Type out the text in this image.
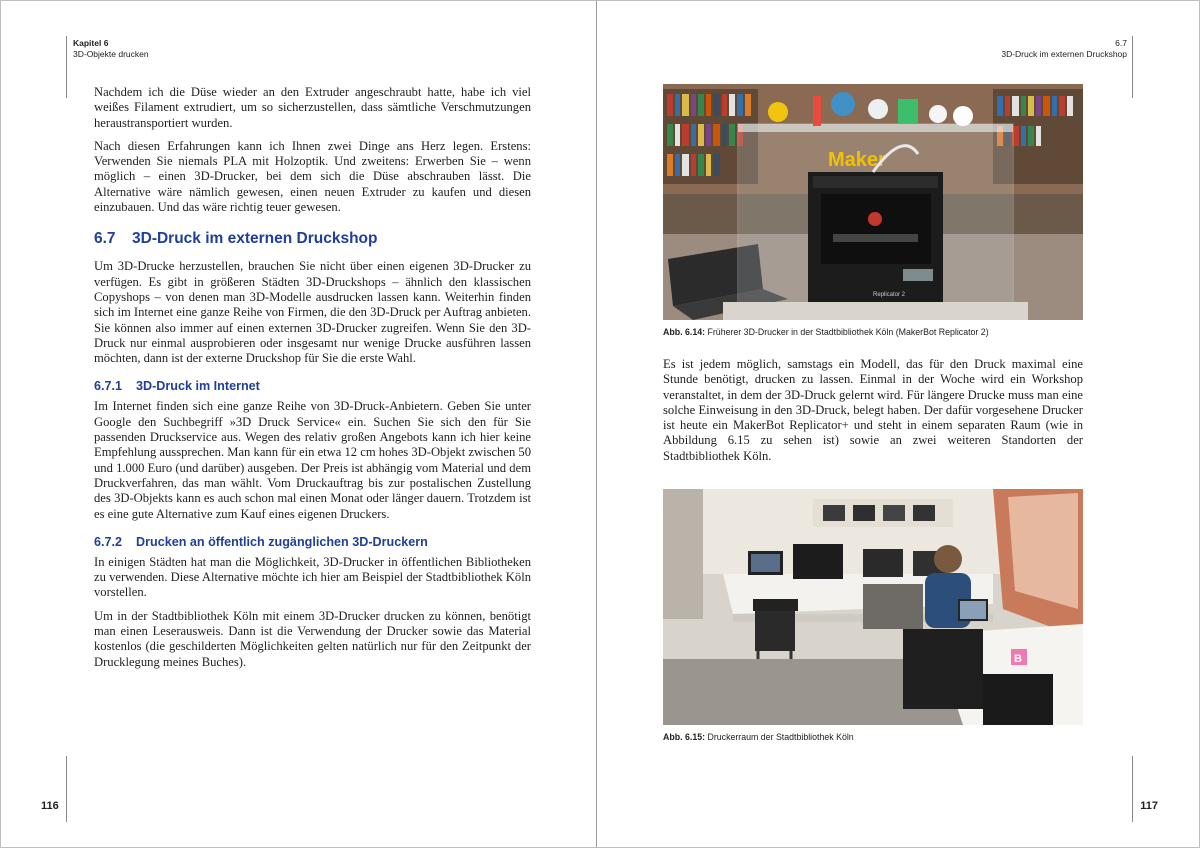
Kapitel 6
3D-Objekte drucken

Nachdem ich die Düse wieder an den Extruder angeschraubt hatte, habe ich viel weißes Filament extrudiert, um so sicherzustellen, dass sämtliche Verschmutzungen heraustransportiert wurden.

Nach diesen Erfahrungen kann ich Ihnen zwei Dinge ans Herz legen. Erstens: Verwenden Sie niemals PLA mit Holzoptik. Und zweitens: Erwerben Sie – wenn möglich – einen 3D-Drucker, bei dem sich die Düse abschrauben lässt. Die Alternative wäre nämlich gewesen, einen neuen Extruder zu kaufen und diesen einzubauen. Und das wäre richtig teuer gewesen.

6.7 3D-Druck im externen Druckshop

Um 3D-Drucke herzustellen, brauchen Sie nicht über einen eigenen 3D-Drucker zu verfügen. Es gibt in größeren Städten 3D-Druckshops – ähnlich den klassischen Copyshops – von denen man 3D-Modelle ausdrucken lassen kann. Weiterhin finden sich im Internet eine ganze Reihe von Firmen, die den 3D-Druck per Auftrag anbieten. Sie können also immer auf einen externen 3D-Drucker zugreifen. Wenn Sie den 3D-Druck nur einmal ausprobieren oder insgesamt nur wenige Drucke ausführen lassen möchten, dann ist der externe Druckshop für Sie die erste Wahl.

6.7.1 3D-Druck im Internet

Im Internet finden sich eine ganze Reihe von 3D-Druck-Anbietern. Geben Sie unter Google den Suchbegriff »3D Druck Service« ein. Suchen Sie sich den für Sie passenden Druckservice aus. Wegen des relativ großen Angebots kann ich hier keine Empfehlung aussprechen. Man kann für ein etwa 12 cm hohes 3D-Objekt zwischen 50 und 1.000 Euro (und darüber) ausgeben. Der Preis ist abhängig vom Material und dem Druckverfahren, das man wählt. Vom Druckauftrag bis zur postalischen Zustellung des 3D-Objekts kann es auch schon mal einen Monat oder länger dauern. Trotzdem ist es eine gute Alternative zum Kauf eines eigenen Druckers.

6.7.2 Drucken an öffentlich zugänglichen 3D-Druckern

In einigen Städten hat man die Möglichkeit, 3D-Drucker in öffentlichen Bibliotheken zu verwenden. Diese Alternative möchte ich hier am Beispiel der Stadtbibliothek Köln vorstellen.

Um in der Stadtbibliothek Köln mit einem 3D-Drucker drucken zu können, benötigt man einen Leserausweis. Dann ist die Verwendung der Drucker sowie das Material kostenlos (die geschilderten Möglichkeiten gelten natürlich nur für den Zeitpunkt der Drucklegung meines Buches).

116
6.7
3D-Druck im externen Druckshop
Maker
Replicator 2
Abb. 6.14: Früherer 3D-Drucker in der Stadtbibliothek Köln (MakerBot Replicator 2)

Es ist jedem möglich, samstags ein Modell, das für den Druck maximal eine Stunde benötigt, drucken zu lassen. Einmal in der Woche wird ein Workshop veranstaltet, in dem der 3D-Druck gelernt wird. Für längere Drucke muss man eine solche Einweisung in den 3D-Druck, belegt haben. Der dafür vorgesehene Drucker ist heute ein MakerBot Replicator+ und steht in einem separaten Raum (wie in Abbildung 6.15 zu sehen ist) sowie an zwei weiteren Standorten der Stadtbibliothek Köln.

B
Abb. 6.15: Druckerraum der Stadtbibliothek Köln
117
